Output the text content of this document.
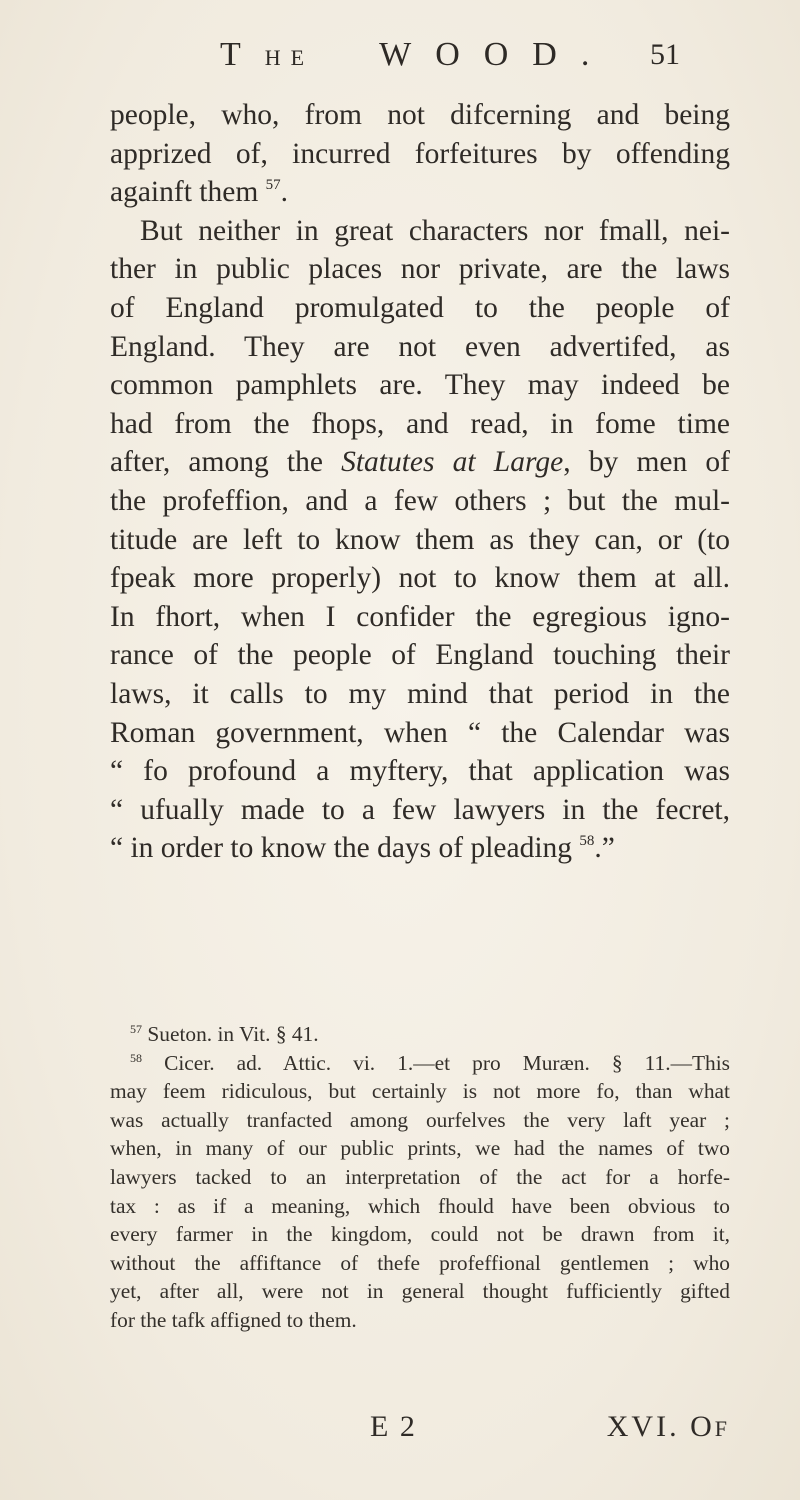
THE WOOD. 51
people, who, from not difcerning and being
apprized of, incurred forfeitures by offending
againft them $^{57}$.
But neither in great characters nor fmall, nei-
ther in public places nor private, are the laws
of England promulgated to the people of
England. They are not even advertifed, as
common pamphlets are. They may indeed be
had from the fhops, and read, in fome time
after, among the Statutes at Large, by men of
the profeffion, and a few others ; but the mul-
titude are left to know them as they can, or (to
fpeak more properly) not to know them at all.
In fhort, when I confider the egregious igno-
rance of the people of England touching their
laws, it calls to my mind that period in the
Roman government, when “ the Calendar was
“ fo profound a myftery, that application was
“ ufually made to a few lawyers in the fecret,
“ in order to know the days of pleading $^{58}$.”
$^{57}$ Sueton. in Vit. § 41.
$^{58}$ Cicer. ad. Attic. vi. 1.—et pro Muræn. § 11.—This
may feem ridiculous, but certainly is not more fo, than what
was actually tranfacted among ourfelves the very laft year ;
when, in many of our public prints, we had the names of two
lawyers tacked to an interpretation of the act for a horfe-
tax : as if a meaning, which fhould have been obvious to
every farmer in the kingdom, could not be drawn from it,
without the affiftance of thefe profeffional gentlemen ; who
yet, after all, were not in general thought fufficiently gifted
for the tafk affigned to them.
E 2	XVI. OF
